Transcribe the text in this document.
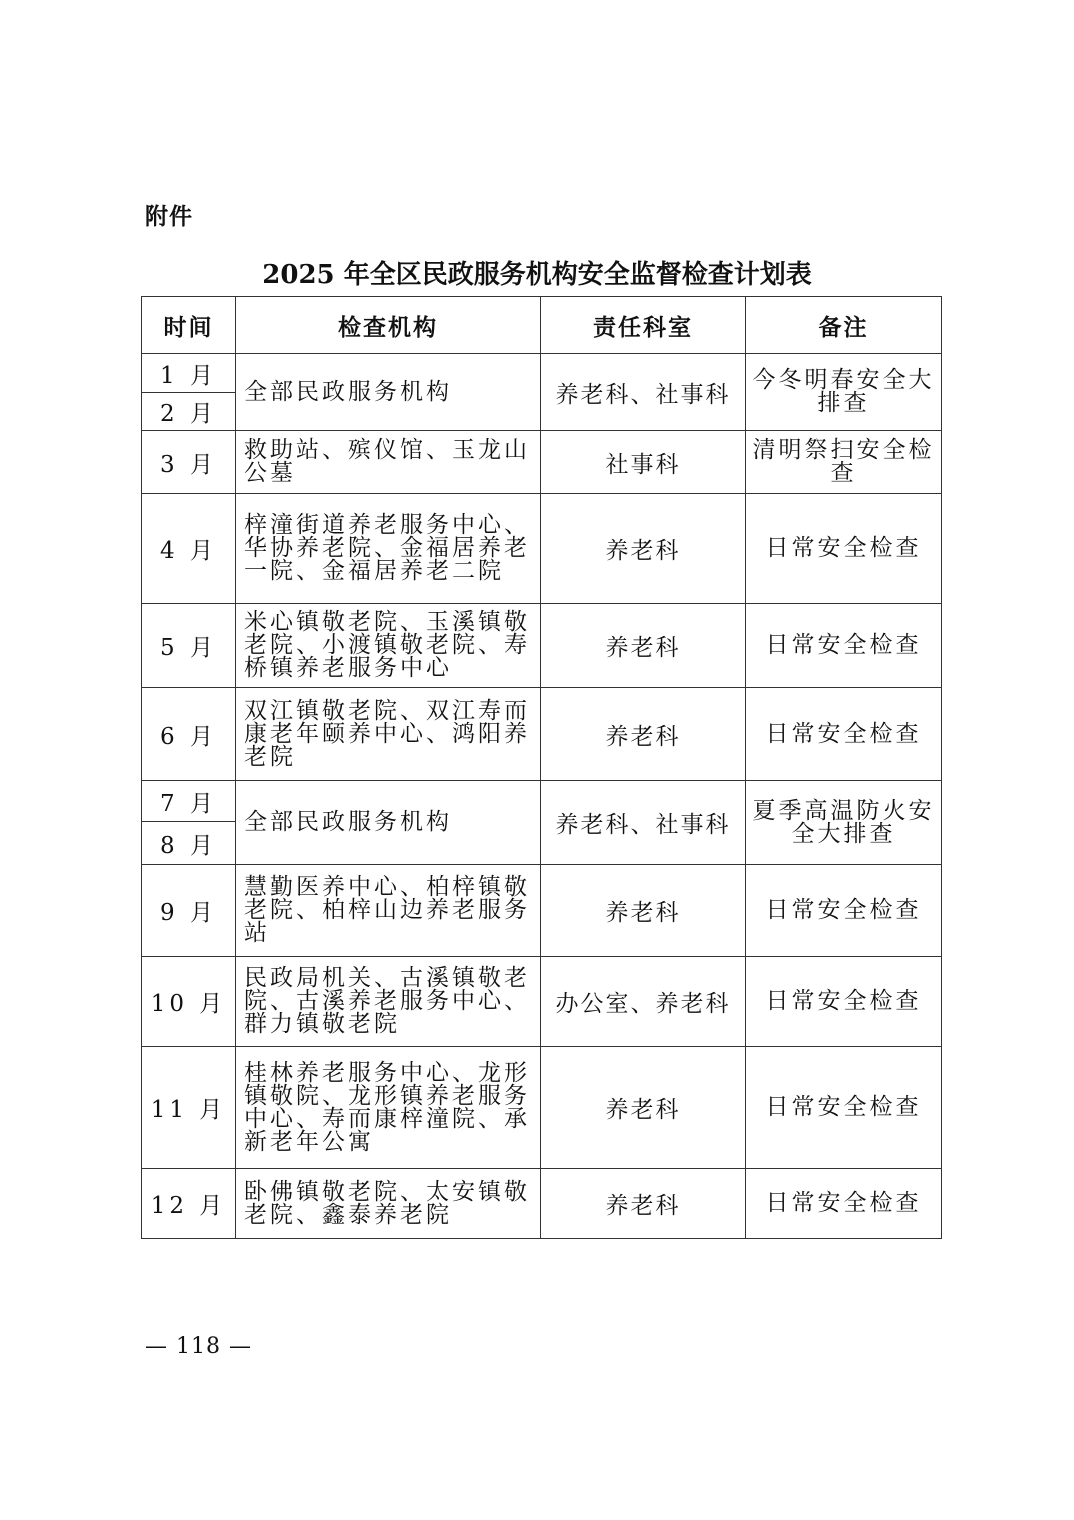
附件
2025 年全区民政服务机构安全监督检查计划表
时间	检查机构	责任科室	备注
1 月	全部民政服务机构	养老科、社事科	今冬明春安全大排查
2 月			
3 月	救助站、殡仪馆、玉龙山公墓	社事科	清明祭扫安全检查
4 月	梓潼街道养老服务中心、华协养老院、金福居养老一院、金福居养老二院	养老科	日常安全检查
5 月	米心镇敬老院、玉溪镇敬老院、小渡镇敬老院、寿桥镇养老服务中心	养老科	日常安全检查
6 月	双江镇敬老院、双江寿而康老年颐养中心、鸿阳养老院	养老科	日常安全检查
7 月	全部民政服务机构	养老科、社事科	夏季高温防火安全大排查
8 月			
9 月	慧勤医养中心、柏梓镇敬老院、柏梓山边养老服务站	养老科	日常安全检查
10 月	民政局机关、古溪镇敬老院、古溪养老服务中心、群力镇敬老院	办公室、养老科	日常安全检查
11 月	桂林养老服务中心、龙形镇敬院、龙形镇养老服务中心、寿而康梓潼院、承新老年公寓	养老科	日常安全检查
12 月	卧佛镇敬老院、太安镇敬老院、鑫泰养老院	养老科	日常安全检查
— 118 —
